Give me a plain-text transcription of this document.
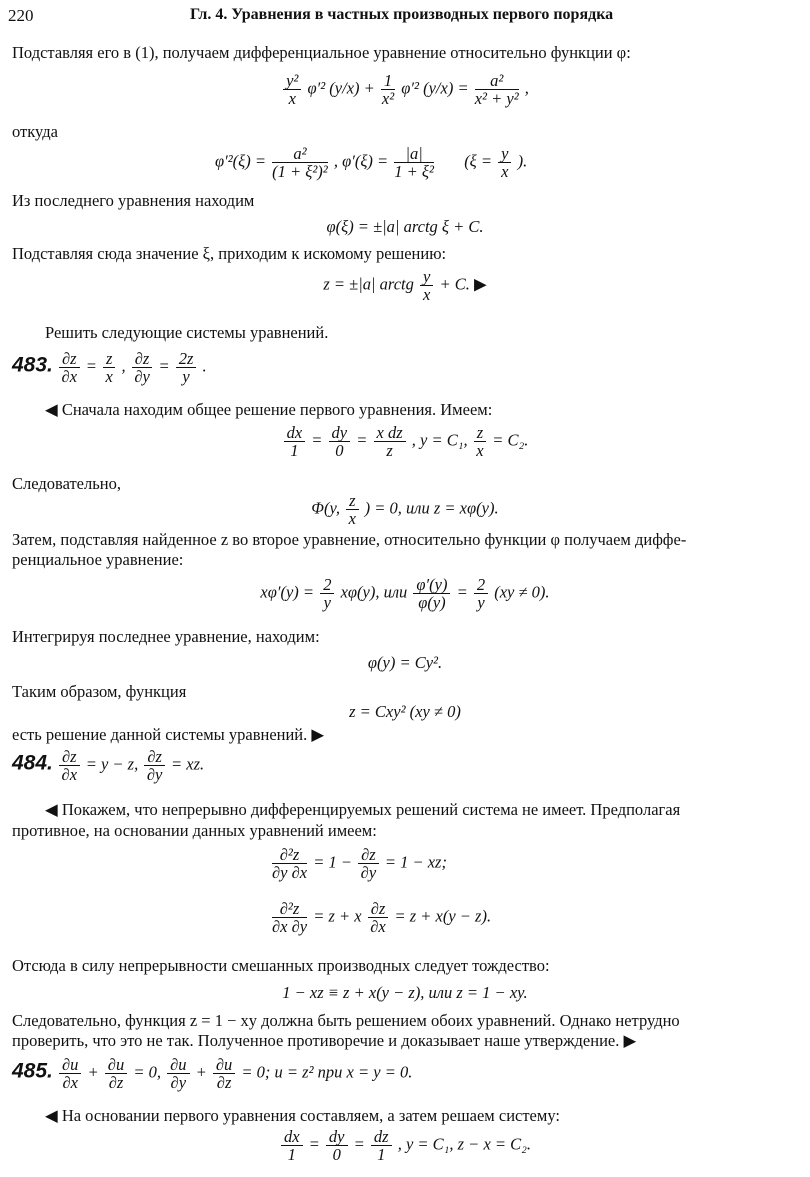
220	Гл. 4. Уравнения в частных производных первого порядка
Подставляя его в (1), получаем дифференциальное уравнение относительно функции φ:
$\frac{\text{y²}}{x} \varphi'^2$ $(y/x) + \frac{1}{\text{x²}} \varphi'^2$ $(y/x) = \frac{\text{a²}}{\text{x² + y²}}$ ,
откуда
$\varphi'^2(\xi) = \frac{\text{a²}}{\text{(1 + ξ²)²}}$ , $\varphi'(\xi) = \frac{|a|}{\text{1 + ξ²}} (\xi = \frac{y}{x}$ ).
Из последнего уравнения находим
φ(ξ) = ±|a| arctg ξ + C.
Подставляя сюда значение ξ, приходим к искомому решению:
z = ±|a| arctg $\frac{y}{x} + C$. ▶
Решить следующие системы уравнений.
483. $\frac{\partial z}{\partial x} = \frac{z}{x}$ , $\frac{\partial z}{\partial y} = \frac{2z}{y}$ .
◀ Сначала находим общее решение первого уравнения. Имеем:
$\frac{dx}{1} = \frac{dy}{0} = \frac{\text{x dz}}{z}$ , y = C₁, $\frac{z}{x} = C_2$.
Следовательно,
Φ(y, $\frac{z}{x}$ ) = 0, или z = xφ(y).
Затем, подставляя найденное z во второе уравнение, относительно функции φ получаем диффе-
ренциальное уравнение:
$x\varphi'(y) = \frac{2}{y} x\varphi(y)$, или $\frac{\varphi'(y)}{\varphi(y)} = \frac{2}{y} (xy \ne 0)$.
Интегрируя последнее уравнение, находим:
φ(y) = Cy².
Таким образом, функция
z = Cxy² (xy ≠ 0)
есть решение данной системы уравнений. ▶
484. $\frac{\partial z}{\partial x} = y - z$, $\frac{\partial z}{\partial y}$ = xz.
◀ Покажем, что непрерывно дифференцируемых решений система не имеет. Предполагая
противное, на основании данных уравнений имеем:
$\frac{\text{∂²z}}{\partial y \partial x} = 1 - \frac{\partial z}{\partial y} = 1$ − xz;
$\frac{\text{∂²z}}{\partial x \partial y} = z + x \frac{\partial z}{\partial x} = z + x(y - z)$.
Отсюда в силу непрерывности смешанных производных следует тождество:
1 − xz ≡ z + x(y − z), или z = 1 − xy.
Следовательно, функция z = 1 − xy должна быть решением обоих уравнений. Однако нетрудно
проверить, что это не так. Полученное противоречие и доказывает наше утверждение. ▶
485. $\frac{\partial u}{\partial x} + \frac{\partial u}{\partial z} = 0$, $\frac{\partial u}{\partial y} + \frac{\partial u}{\partial z} = 0$; u = z² при x = y = 0.
◀ На основании первого уравнения составляем, а затем решаем систему:
$\frac{dx}{1} = \frac{dy}{0} = \frac{dz}{1}$ , y = C₁, z − x = C₂.
